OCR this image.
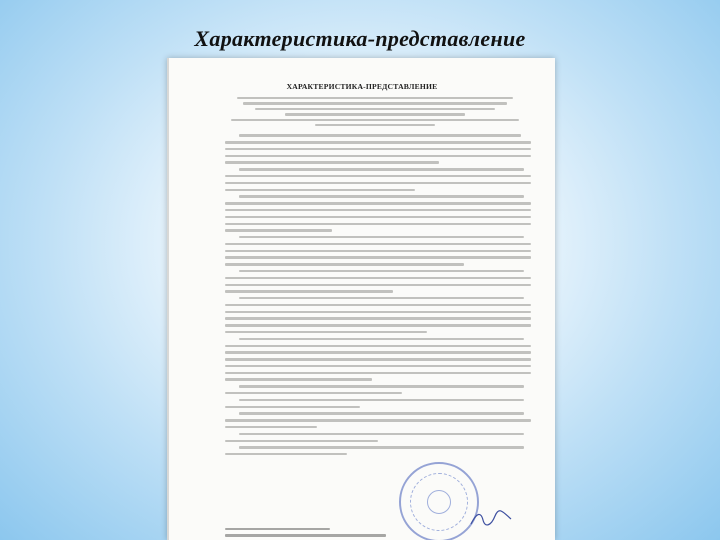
Характеристика-представление
ХАРАКТЕРИСТИКА-ПРЕДСТАВЛЕНИЕ
